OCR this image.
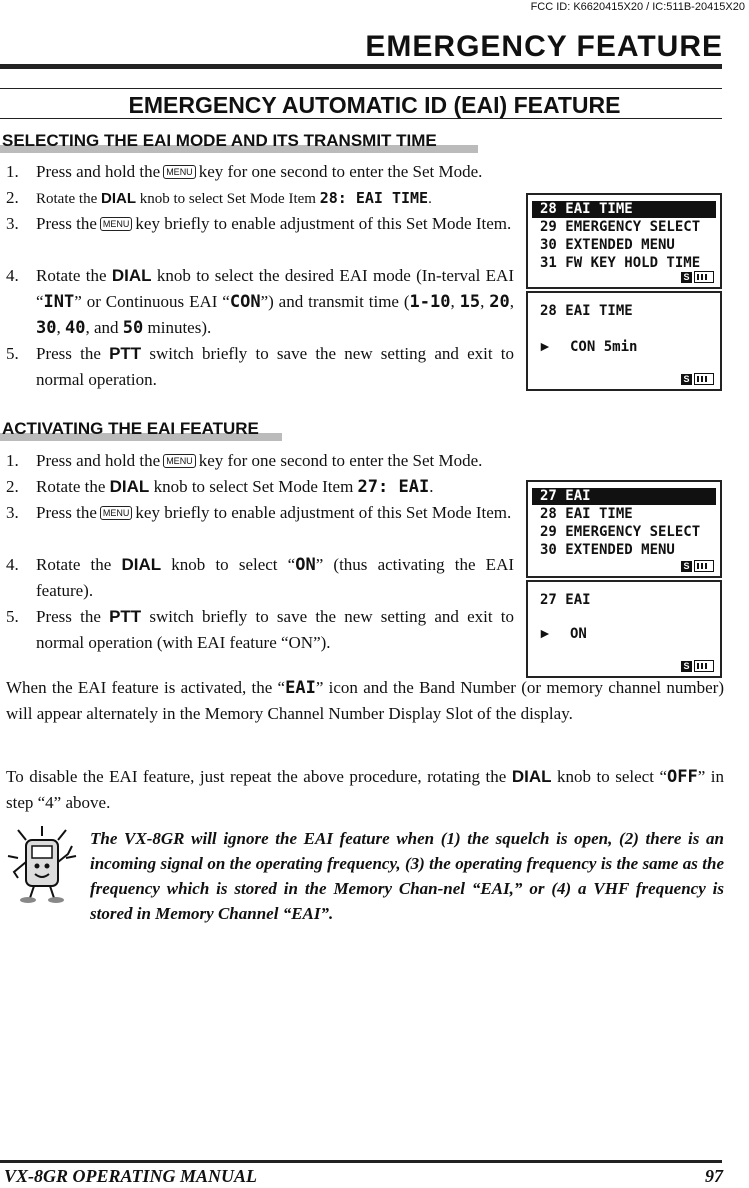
FCC ID: K6620415X20 / IC:511B-20415X20
EMERGENCY FEATURE
EMERGENCY AUTOMATIC ID (EAI) FEATURE
SELECTING THE EAI MODE AND ITS TRANSMIT TIME
1. Press and hold the MENU key for one second to enter the Set Mode.
2. Rotate the DIAL knob to select Set Mode Item 28: EAI TIME.
3. Press the MENU key briefly to enable adjustment of this Set Mode Item.
4. Rotate the DIAL knob to select the desired EAI mode (In-terval EAI “INT” or Continuous EAI “CON”) and transmit time (1-10, 15, 20, 30, 40, and 50 minutes).
5. Press the PTT switch briefly to save the new setting and exit to normal operation.
28 EAI TIME
29 EMERGENCY SELECT
30 EXTENDED MENU
31 FW KEY HOLD TIME
S
28 EAI TIME
► CON 5min
S
ACTIVATING THE EAI FEATURE
1. Press and hold the MENU key for one second to enter the Set Mode.
2. Rotate the DIAL knob to select Set Mode Item 27: EAI.
3. Press the MENU key briefly to enable adjustment of this Set Mode Item.
4. Rotate the DIAL knob to select “ON” (thus activating the EAI feature).
5. Press the PTT switch briefly to save the new setting and exit to normal operation (with EAI feature “ON”).
27 EAI
28 EAI TIME
29 EMERGENCY SELECT
30 EXTENDED MENU
S
27 EAI
► ON
S
When the EAI feature is activated, the “EAI” icon and the Band Number (or memory channel number) will appear alternately in the Memory Channel Number Display Slot of the display.
To disable the EAI feature, just repeat the above procedure, rotating the DIAL knob to select “OFF” in step “4” above.
The VX-8GR will ignore the EAI feature when (1) the squelch is open, (2) there is an incoming signal on the operating frequency, (3) the operating frequency is the same as the frequency which is stored in the Memory Chan-nel “EAI,” or (4) a VHF frequency is stored in Memory Channel “EAI”.
VX-8GR OPERATING MANUAL	97
